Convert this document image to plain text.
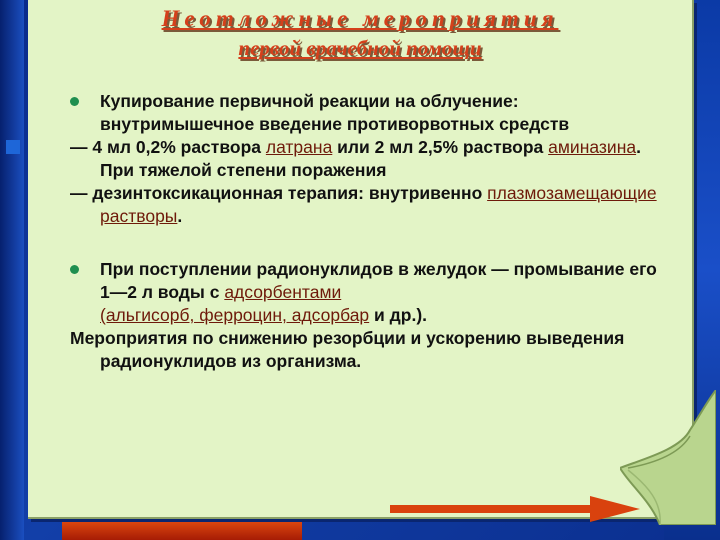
Неотложные мероприятия
первой врачебной помощи

Купирование первичной реакции на облучение: внутримышечное введение противорвотных средств

— 4 мл 0,2% раствора латрана или 2 мл 2,5% раствора аминазина. При тяжелой степени поражения

— дезинтоксикационная терапия: внутривенно плазмозамещающие растворы.

При поступлении радионуклидов в желудок — промывание его 1—2 л воды с адсорбентами
(альгисорб, ферроцин, адсорбар и др.).

Мероприятия по снижению резорбции и ускорению выведения радионуклидов из организма.
